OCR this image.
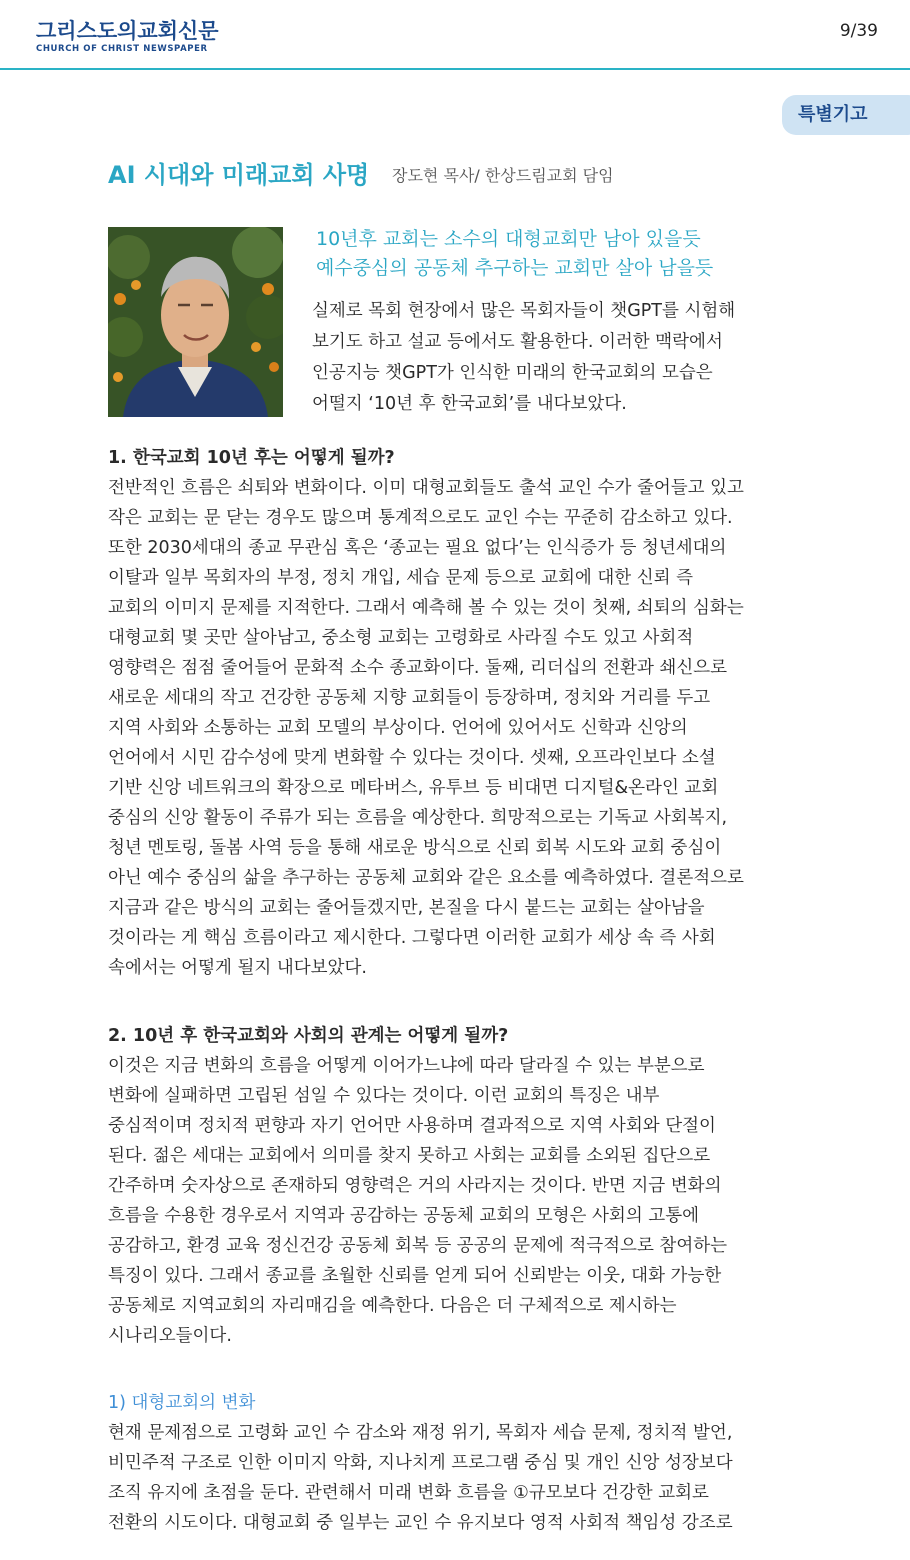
그리스도의교회신문
CHURCH OF CHRIST NEWSPAPER
9/39
특별기고
AI 시대와 미래교회 사명 장도현 목사/ 한상드림교회 담임
10년후 교회는 소수의 대형교회만 남아 있을듯
예수중심의 공동체 추구하는 교회만 살아 남을듯
실제로 목회 현장에서 많은 목회자들이 챗GPT를 시험해
보기도 하고 설교 등에서도 활용한다. 이러한 맥락에서
인공지능 챗GPT가 인식한 미래의 한국교회의 모습은
어떨지 ‘10년 후 한국교회’를 내다보았다.
1. 한국교회 10년 후는 어떻게 될까?
전반적인 흐름은 쇠퇴와 변화이다. 이미 대형교회들도 출석 교인 수가 줄어들고 있고
작은 교회는 문 닫는 경우도 많으며 통계적으로도 교인 수는 꾸준히 감소하고 있다.
또한 2030세대의 종교 무관심 혹은 ‘종교는 필요 없다’는 인식증가 등 청년세대의
이탈과 일부 목회자의 부정, 정치 개입, 세습 문제 등으로 교회에 대한 신뢰 즉
교회의 이미지 문제를 지적한다. 그래서 예측해 볼 수 있는 것이 첫째, 쇠퇴의 심화는
대형교회 몇 곳만 살아남고, 중소형 교회는 고령화로 사라질 수도 있고 사회적
영향력은 점점 줄어들어 문화적 소수 종교화이다. 둘째, 리더십의 전환과 쇄신으로
새로운 세대의 작고 건강한 공동체 지향 교회들이 등장하며, 정치와 거리를 두고
지역 사회와 소통하는 교회 모델의 부상이다. 언어에 있어서도 신학과 신앙의
언어에서 시민 감수성에 맞게 변화할 수 있다는 것이다. 셋째, 오프라인보다 소셜
기반 신앙 네트워크의 확장으로 메타버스, 유투브 등 비대면 디지털&온라인 교회
중심의 신앙 활동이 주류가 되는 흐름을 예상한다. 희망적으로는 기독교 사회복지,
청년 멘토링, 돌봄 사역 등을 통해 새로운 방식으로 신뢰 회복 시도와 교회 중심이
아닌 예수 중심의 삶을 추구하는 공동체 교회와 같은 요소를 예측하였다. 결론적으로
지금과 같은 방식의 교회는 줄어들겠지만, 본질을 다시 붙드는 교회는 살아남을
것이라는 게 핵심 흐름이라고 제시한다. 그렇다면 이러한 교회가 세상 속 즉 사회
속에서는 어떻게 될지 내다보았다.
2. 10년 후 한국교회와 사회의 관계는 어떻게 될까?
이것은 지금 변화의 흐름을 어떻게 이어가느냐에 따라 달라질 수 있는 부분으로
변화에 실패하면 고립된 섬일 수 있다는 것이다. 이런 교회의 특징은 내부
중심적이며 정치적 편향과 자기 언어만 사용하며 결과적으로 지역 사회와 단절이
된다. 젊은 세대는 교회에서 의미를 찾지 못하고 사회는 교회를 소외된 집단으로
간주하며 숫자상으로 존재하되 영향력은 거의 사라지는 것이다. 반면 지금 변화의
흐름을 수용한 경우로서 지역과 공감하는 공동체 교회의 모형은 사회의 고통에
공감하고, 환경 교육 정신건강 공동체 회복 등 공공의 문제에 적극적으로 참여하는
특징이 있다. 그래서 종교를 초월한 신뢰를 얻게 되어 신뢰받는 이웃, 대화 가능한
공동체로 지역교회의 자리매김을 예측한다. 다음은 더 구체적으로 제시하는
시나리오들이다.
1) 대형교회의 변화
현재 문제점으로 고령화 교인 수 감소와 재정 위기, 목회자 세습 문제, 정치적 발언,
비민주적 구조로 인한 이미지 악화, 지나치게 프로그램 중심 및 개인 신앙 성장보다
조직 유지에 초점을 둔다. 관련해서 미래 변화 흐름을 ①규모보다 건강한 교회로
전환의 시도이다. 대형교회 중 일부는 교인 수 유지보다 영적 사회적 책임성 강조로
